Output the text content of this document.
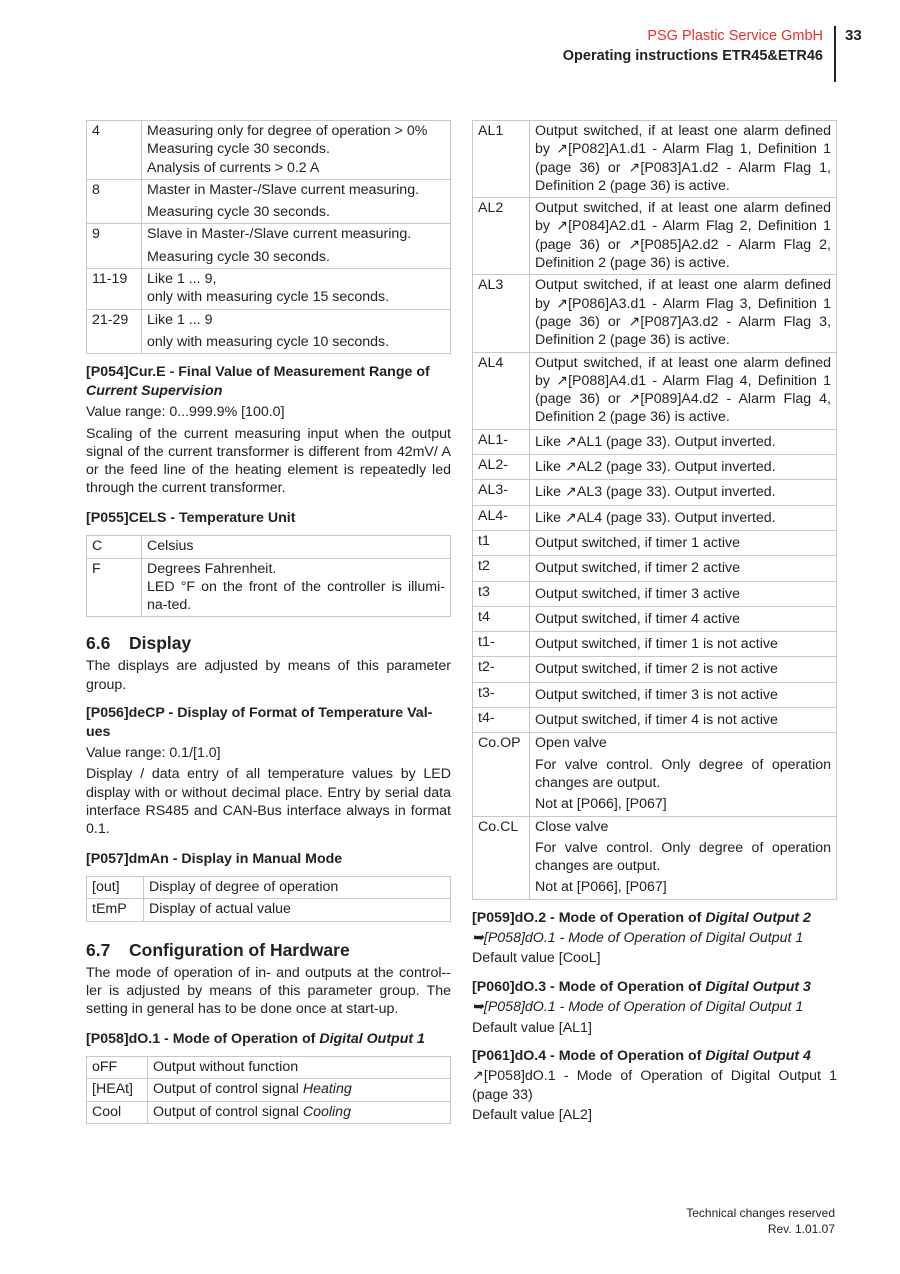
PSG Plastic Service GmbH
Operating instructions ETR45&ETR46
33
4	Measuring only for degree of operation > 0%
Measuring cycle 30 seconds.
Analysis of currents > 0.2 A

8	Master in Master-/Slave current measuring.
Measuring cycle 30 seconds.

9	Slave in Master-/Slave current measuring.
Measuring cycle 30 seconds.

11-19	Like 1 ... 9,
only with measuring cycle 15 seconds.

21-29	Like 1 ... 9
only with measuring cycle 10 seconds.
[P054]Cur.E - Final Value of Measurement Range of Current Supervision

Value range: 0...999.9% [100.0]

Scaling of the current measuring input when the output signal of the current transformer is different from 42mV/ A or the feed line of the heating element is repeatedly led through the current transformer.

[P055]CELS - Temperature Unit
C	Celsius
F	Degrees Fahrenheit.
LED °F on the front of the controller is illumi-na-ted.
6.6 Display

The displays are adjusted by means of this parameter group.

[P056]deCP - Display of Format of Temperature Val-ues

Value range: 0.1/[1.0]

Display / data entry of all temperature values by LED display with or without decimal place. Entry by serial data interface RS485 and CAN-Bus interface always in format 0.1.

[P057]dmAn - Display in Manual Mode
[out]	Display of degree of operation
tEmP	Display of actual value
6.7 Configuration of Hardware

The mode of operation of in- and outputs at the control--ler is adjusted by means of this parameter group. The setting in general has to be done once at start-up.

[P058]dO.1 - Mode of Operation of Digital Output 1
oFF	Output without function
[HEAt]	Output of control signal Heating
Cool	Output of control signal Cooling
AL1	Output switched, if at least one alarm defined by ↗[P082]A1.d1 - Alarm Flag 1, Definition 1 (page 36) or ↗[P083]A1.d2 - Alarm Flag 1, Definition 2 (page 36) is active.
AL2	Output switched, if at least one alarm defined by ↗[P084]A2.d1 - Alarm Flag 2, Definition 1 (page 36) or ↗[P085]A2.d2 - Alarm Flag 2, Definition 2 (page 36) is active.
AL3	Output switched, if at least one alarm defined by ↗[P086]A3.d1 - Alarm Flag 3, Definition 1 (page 36) or ↗[P087]A3.d2 - Alarm Flag 3, Definition 2 (page 36) is active.
AL4	Output switched, if at least one alarm defined by ↗[P088]A4.d1 - Alarm Flag 4, Definition 1 (page 36) or ↗[P089]A4.d2 - Alarm Flag 4, Definition 2 (page 36) is active.
AL1-	Like ↗AL1 (page 33). Output inverted.
AL2-	Like ↗AL2 (page 33). Output inverted.
AL3-	Like ↗AL3 (page 33). Output inverted.
AL4-	Like ↗AL4 (page 33). Output inverted.
t1	Output switched, if timer 1 active
t2	Output switched, if timer 2 active
t3	Output switched, if timer 3 active
t4	Output switched, if timer 4 active
t1-	Output switched, if timer 1 is not active
t2-	Output switched, if timer 2 is not active
t3-	Output switched, if timer 3 is not active
t4-	Output switched, if timer 4 is not active
Co.OP	Open valve
For valve control. Only degree of operation changes are output.
Not at [P066], [P067]

Co.CL	Close valve
For valve control. Only degree of operation changes are output.
Not at [P066], [P067]
[P059]dO.2 - Mode of Operation of Digital Output 2

➥[P058]dO.1 - Mode of Operation of Digital Output 1

Default value [CooL]

[P060]dO.3 - Mode of Operation of Digital Output 3

➥[P058]dO.1 - Mode of Operation of Digital Output 1

Default value [AL1]

[P061]dO.4 - Mode of Operation of Digital Output 4

↗[P058]dO.1 - Mode of Operation of Digital Output 1 (page 33)

Default value [AL2]

Technical changes reserved
Rev. 1.01.07
